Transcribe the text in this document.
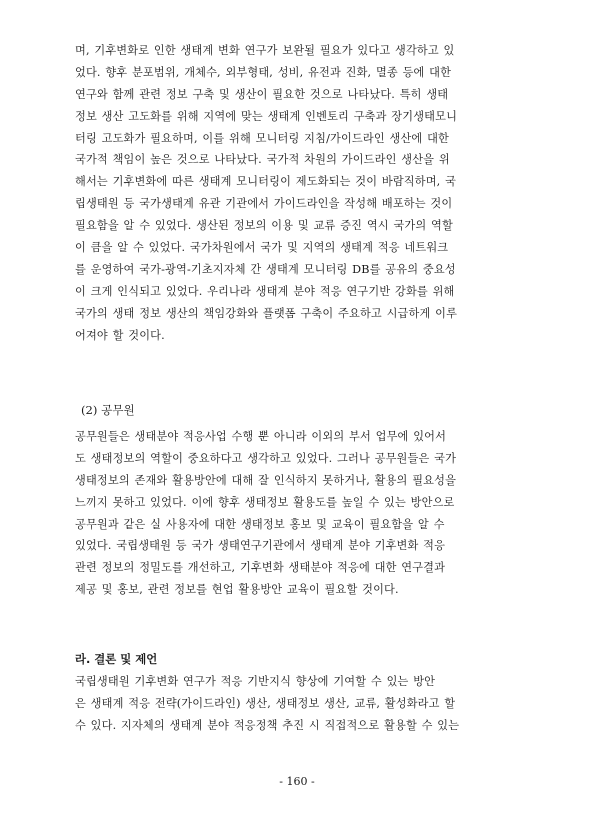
며, 기후변화로 인한 생태계 변화 연구가 보완될 필요가 있다고 생각하고 있
었다. 향후 분포범위, 개체수, 외부형태, 성비, 유전과 진화, 멸종 등에 대한
연구와 함께 관련 정보 구축 및 생산이 필요한 것으로 나타났다. 특히 생태
정보 생산 고도화를 위해 지역에 맞는 생태계 인벤토리 구축과 장기생태모니
터링 고도화가 필요하며, 이를 위해 모니터링 지침/가이드라인 생산에 대한
국가적 책임이 높은 것으로 나타났다. 국가적 차원의 가이드라인 생산을 위
해서는 기후변화에 따른 생태계 모니터링이 제도화되는 것이 바람직하며, 국
립생태원 등 국가생태계 유관 기관에서 가이드라인을 작성해 배포하는 것이
필요함을 알 수 있었다. 생산된 정보의 이용 및 교류 증진 역시 국가의 역할
이 큼을 알 수 있었다. 국가차원에서 국가 및 지역의 생태계 적응 네트워크
를 운영하여 국가-광역-기초지자체 간 생태계 모니터링 DB를 공유의 중요성
이 크게 인식되고 있었다. 우리나라 생태계 분야 적응 연구기반 강화를 위해
국가의 생태 정보 생산의 책임강화와 플랫폼 구축이 주요하고 시급하게 이루
어져야 할 것이다.
(2) 공무원
공무원들은 생태분야 적응사업 수행 뿐 아니라 이외의 부서 업무에 있어서
도 생태정보의 역할이 중요하다고 생각하고 있었다. 그러나 공무원들은 국가
생태정보의 존재와 활용방안에 대해 잘 인식하지 못하거나, 활용의 필요성을
느끼지 못하고 있었다. 이에 향후 생태정보 활용도를 높일 수 있는 방안으로
공무원과 같은 실 사용자에 대한 생태정보 홍보 및 교육이 필요함을 알 수
있었다. 국립생태원 등 국가 생태연구기관에서 생태계 분야 기후변화 적응
관련 정보의 정밀도를 개선하고, 기후변화 생태분야 적응에 대한 연구결과
제공 및 홍보, 관련 정보를 현업 활용방안 교육이 필요할 것이다.
라. 결론 및 제언
국립생태원 기후변화 연구가 적응 기반지식 향상에 기여할 수 있는 방안
은 생태계 적응 전략(가이드라인) 생산, 생태정보 생산, 교류, 활성화라고 할
수 있다. 지자체의 생태계 분야 적응정책 추진 시 직접적으로 활용할 수 있는
- 160 -
